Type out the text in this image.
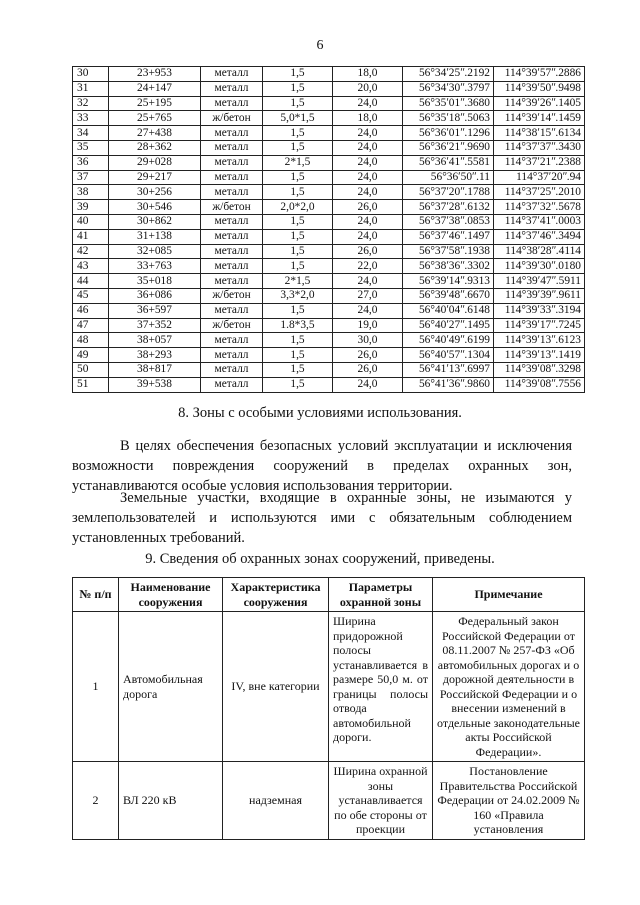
6
30	23+953	металл	1,5	18,0	56°34ʹ25ʺ.2192	114°39ʹ57ʺ.2886
31	24+147	металл	1,5	20,0	56°34ʹ30ʺ.3797	114°39ʹ50ʺ.9498
32	25+195	металл	1,5	24,0	56°35ʹ01ʺ.3680	114°39ʹ26ʺ.1405
33	25+765	ж/бетон	5,0*1,5	18,0	56°35ʹ18ʺ.5063	114°39ʹ14ʺ.1459
34	27+438	металл	1,5	24,0	56°36ʹ01ʺ.1296	114°38ʹ15ʺ.6134
35	28+362	металл	1,5	24,0	56°36ʹ21ʺ.9690	114°37ʹ37ʺ.3430
36	29+028	металл	2*1,5	24,0	56°36ʹ41ʺ.5581	114°37ʹ21ʺ.2388
37	29+217	металл	1,5	24,0	56°36ʹ50ʺ.11	114°37ʹ20ʺ.94
38	30+256	металл	1,5	24,0	56°37ʹ20ʺ.1788	114°37ʹ25ʺ.2010
39	30+546	ж/бетон	2,0*2,0	26,0	56°37ʹ28ʺ.6132	114°37ʹ32ʺ.5678
40	30+862	металл	1,5	24,0	56°37ʹ38ʺ.0853	114°37ʹ41ʺ.0003
41	31+138	металл	1,5	24,0	56°37ʹ46ʺ.1497	114°37ʹ46ʺ.3494
42	32+085	металл	1,5	26,0	56°37ʹ58ʺ.1938	114°38ʹ28ʺ.4114
43	33+763	металл	1,5	22,0	56°38ʹ36ʺ.3302	114°39ʹ30ʺ.0180
44	35+018	металл	2*1,5	24,0	56°39ʹ14ʺ.9313	114°39ʹ47ʺ.5911
45	36+086	ж/бетон	3,3*2,0	27,0	56°39ʹ48ʺ.6670	114°39ʹ39ʺ.9611
46	36+597	металл	1,5	24,0	56°40ʹ04ʺ.6148	114°39ʹ33ʺ.3194
47	37+352	ж/бетон	1.8*3,5	19,0	56°40ʹ27ʺ.1495	114°39ʹ17ʺ.7245
48	38+057	металл	1,5	30,0	56°40ʹ49ʺ.6199	114°39ʹ13ʺ.6123
49	38+293	металл	1,5	26,0	56°40ʹ57ʺ.1304	114°39ʹ13ʺ.1419
50	38+817	металл	1,5	26,0	56°41ʹ13ʺ.6997	114°39ʹ08ʺ.3298
51	39+538	металл	1,5	24,0	56°41ʹ36ʺ.9860	114°39ʹ08ʺ.7556
8. Зоны с особыми условиями использования.
В целях обеспечения безопасных условий эксплуатации и исключения возможности повреждения сооружений в пределах охранных зон, устанавливаются особые условия использования территории.
Земельные участки, входящие в охранные зоны, не изымаются у землепользователей и используются ими с обязательным соблюдением установленных требований.
9. Сведения об охранных зонах сооружений, приведены.
№ п/п	Наименование сооружения	Характеристика сооружения	Параметры охранной зоны	Примечание
1	Автомобильная дорога	IV, вне категории	Ширина придорожной полосы устанавливается в размере 50,0 м. от границы полосы отвода автомобильной дороги.	Федеральный закон Российской Федерации от 08.11.2007 № 257-ФЗ «Об автомобильных дорогах и о дорожной деятельности в Российской Федерации и о внесении изменений в отдельные законодательные акты Российской Федерации».
2	ВЛ 220 кВ	надземная	Ширина охранной зоны устанавливается по обе стороны от проекции	Постановление Правительства Российской Федерации от 24.02.2009 № 160 «Правила установления
